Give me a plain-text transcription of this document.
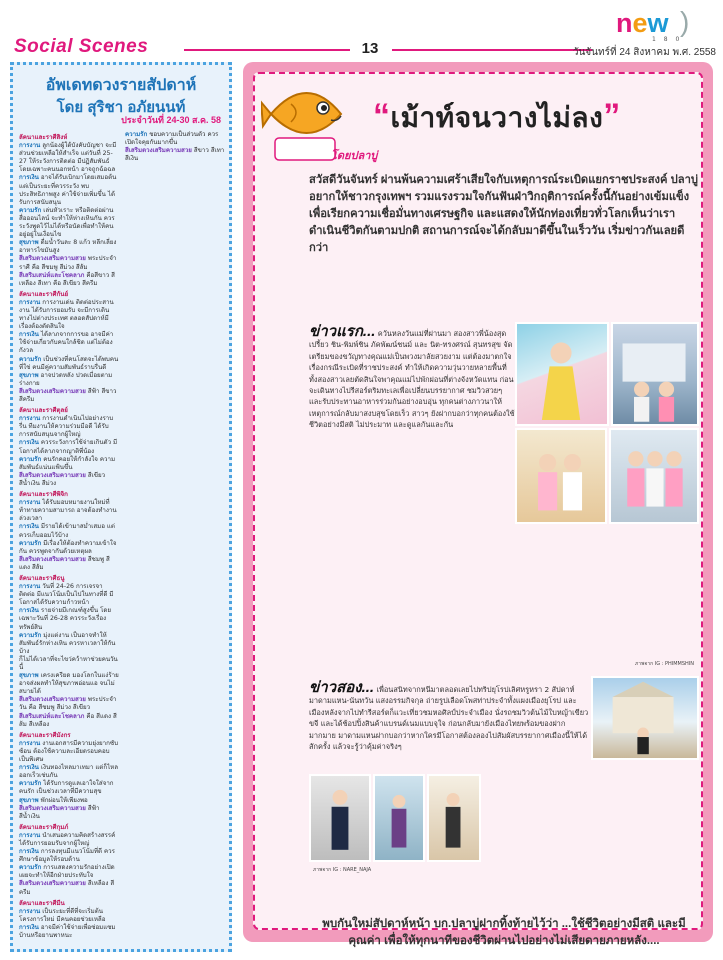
Social Scenes	13
new )
1 8 0
วันจันทร์ที่ 24 สิงหาคม พ.ศ. 2558
อัพเดทดวงรายสัปดาห์
โดย สุริชา อภัยนนท์
ประจำวันที่ 24-30 ส.ค. 58
ลัคนาและราศีสิงห์

การงาน ลูกน้องผู้ใต้บังคับบัญชา จะมีส่วนช่วยเหลือให้สำเร็จ แต่วันที่ 25-27 ให้ระวังการติดต่อ มีปฏิสัมพันธ์ โดยเฉพาะคนนอกหน้า อาจถูกฉ้อฉล

การเงิน อาจได้รับเบิกมาโดยเสมอต้น แต่เป็นระยะที่ควรระวัง พบประสิทธิภาพสูง ค่าใช้จ่ายเพิ่มขึ้น ได้รับการสนับสนุน

ความรัก เล่นหัวเราะ หรือติดต่อผ่านสื่อออนไลน์ จะทำให้ห่างเหินกัน ควรระวังพูดไว้ไม่ได้หรือนัดเพื่อทำให้คนอยู่อยู่ในเงื่อนไข

สุขภาพ ดื่มน้ำวันละ 8 แก้ว หลีกเลี่ยงอาหารไขมันสูง

สีเสริมดวงเสริมความสวย พระประจำราศี คือ สีชมพู สีม่วง สีส้ม

สีเสริมเสน่ห์และโชคลาภ คือสีขาว สีเหลือง สีเทา คือ สีเขียว สีครีม

ลัคนาและราศีกันย์

การงาน การงานเด่น ติดต่อประสานงาน ได้รับการยอมรับ จะมีการเดินทางไปต่างประเทศ ตลอดสัปดาห์มีเรื่องต้องตัดสินใจ

การเงิน ได้ลาภจากการขอ อาจมีค่าใช้จ่ายเกี่ยวกับคนใกล้ชิด แต่ไม่ต้องกังวล

ความรัก เป็นช่วงที่คนโสดจะได้พบคนที่ใช่ คนมีคู่ความสัมพันธ์ราบรื่นดี

สุขภาพ อาจปวดหลัง ปวดเมื่อยตามร่างกาย

สีเสริมดวงเสริมความสวย สีฟ้า สีขาว สีครีม

ลัคนาและราศีตุลย์

การงาน การงานดำเนินไปอย่างราบรื่น ทีมงานให้ความร่วมมือดี ได้รับการสนับสนุนจากผู้ใหญ่

การเงิน ควรระวังการใช้จ่ายเกินตัว มีโอกาสได้ลาภจากญาติพี่น้อง

ความรัก คนรักคอยให้กำลังใจ ความสัมพันธ์แน่นแฟ้นขึ้น

สีเสริมดวงเสริมความสวย สีเขียว สีน้ำเงิน สีม่วง

ลัคนาและราศีพิจิก

การงาน ได้รับมอบหมายงานใหม่ที่ท้าทายความสามารถ อาจต้องทำงานล่วงเวลา

การเงิน มีรายได้เข้ามาสม่ำเสมอ แต่ควรเก็บออมไว้บ้าง

ความรัก มีเรื่องให้ต้องทำความเข้าใจกัน ควรพูดจากันด้วยเหตุผล

สีเสริมดวงเสริมความสวย สีชมพู สีแดง สีส้ม

ลัคนาและราศีธนู

การงาน วันที่ 24-26 การเจรจา ติดต่อ มีแนวโน้มเป็นไปในทางที่ดี มีโอกาสได้รับความก้าวหน้า

การเงิน รายจ่ายมีเกณฑ์สูงขึ้น โดยเฉพาะวันที่ 26-28 ควรระวังเรื่องทรัพย์สิน

ความรัก มุ่งแต่งาน เป็นอาจทำให้สัมพันธ์รักห่างเหิน ควรหาเวลาให้กันบ้าง

ก็ไม่ได้เวลาที่จะไขว่คว้าหาช่วยคนวันนี้

สุขภาพ เครงเครียด มองโลกในแง่ร้าย อาจส่งผลทำให้สุขภาพอ่อนแอ จนไม่สบายได้

สีเสริมดวงเสริมความสวย พระประจำวัน คือ สีชมพู สีม่วง สีเขียว

สีเสริมเสน่ห์และโชคลาภ คือ สีแดง สีส้ม สีเหลือง

ลัคนาและราศีมังกร

การงาน งานเอกสารมีความยุ่งยากซับซ้อน ต้องใช้ความละเอียดรอบคอบเป็นพิเศษ

การเงิน เงินทองไหลมาเทมา แต่ก็ไหลออกเร็วเช่นกัน

ความรัก ได้รับการดูแลเอาใจใส่จากคนรัก เป็นช่วงเวลาที่มีความสุข

สุขภาพ พักผ่อนให้เพียงพอ

สีเสริมดวงเสริมความสวย สีฟ้า สีน้ำเงิน

ลัคนาและราศีกุมภ์

การงาน นำเสนอความคิดสร้างสรรค์ได้รับการยอมรับจากผู้ใหญ่

การเงิน การลงทุนมีแนวโน้มที่ดี ควรศึกษาข้อมูลให้รอบด้าน

ความรัก การแสดงความรักอย่างเปิดเผยจะทำให้อีกฝ่ายประทับใจ

สีเสริมดวงเสริมความสวย สีเหลือง สีครีม

ลัคนาและราศีมีน

การงาน เป็นระยะที่ดีที่จะเริ่มต้นโครงการใหม่ มีคนคอยช่วยเหลือ

การเงิน อาจมีค่าใช้จ่ายเพื่อซ่อมแซมบ้านหรือยานพาหนะ

ความรัก ชอบความเป็นส่วนตัว ควรเปิดใจคุยกันมากขึ้น

สีเสริมดวงเสริมความสวย สีขาว สีเทา สีเงิน

“เม้าท์จนวางไม่ลง”
โดยปลาบู่
สวัสดีวันจันทร์ ผ่านพ้นความเศร้าเสียใจกับเหตุการณ์ระเบิดแยกราชประสงค์ ปลาบู่อยากให้ชาวกรุงเทพฯ รวมแรงรวมใจกันฟันฝ่าวิกฤติการณ์ครั้งนี้กันอย่างเข้มแข็ง เพื่อเรียกความเชื่อมั่นทางเศรษฐกิจ และแสดงให้นักท่องเที่ยวทั่วโลกเห็นว่าเราดำเนินชีวิตกันตามปกติ สถานการณ์จะได้กลับมาดีขึ้นในเร็ววัน เริ่มข่าวกันเลยดีกว่า
ข่าวแรก... ควันหลงวันแม่ที่ผ่านมา สองสาวพี่น้องสุดเปรี้ยว ชิน-พิมพ์ชิน ภัคพัฒน์ชนม์ และ นิต-ทรงศรณ์ สุนทรสุข จัดเตรียมของขวัญทางคุณแม่เป็นพวงมาลัยสวยงาม แต่ต้องมาตกใจเรื่องกรณีระเบิดที่ราชประสงค์ ทำให้เกิดความวุ่นวายหลายพื้นที่ ทั้งสองสาวเลยตัดสินใจพาคุณแม่ไปพักผ่อนที่ต่างจังหวัดแทน ก่อนจะเดินทางไปรีสอร์ตริมทะเลเพื่อเปลี่ยนบรรยากาศ ชมวิวสวยๆ และรับประทานอาหารร่วมกันอย่างอบอุ่น ทุกคนต่างภาวนาให้เหตุการณ์กลับมาสงบสุขโดยเร็ว สาวๆ ยังฝากบอกว่าทุกคนต้องใช้ชีวิตอย่างมีสติ ไม่ประมาท และดูแลกันและกัน
ภาพจาก IG : PHIMMSHIN
ข่าวสอง... เพื่อนสนิทจากหนีมาตลอดเลยไปทริปยุโรปเลิศหรูหรา 2 สัปดาห์ มาดามแหน-นันทวัน แสงอรรมกิจกุล ถ่ายรูปเลือดโพสท่าประจำทั้งแผงเมืองยุโรป และเมืองหลังจากไปทำรีสอร์ตก็แวะเที่ยวชมหอศิลป์ประจำเมือง นั่งรถชมวิวต้นไม้ใบหญ้าเขียวขจี และได้ช้อปปิ้งสินค้าแบรนด์เนมแบบจุใจ ก่อนกลับมายังเมืองไทยพร้อมของฝากมากมาย มาดามแหนฝากบอกว่าหากใครมีโอกาสต้องลองไปสัมผัสบรรยากาศเมืองนี้ให้ได้สักครั้ง แล้วจะรู้ว่าคุ้มค่าจริงๆ
ภาพจาก IG : NARE_NAJA
พบกันใหม่สัปดาห์หน้า บก.ปลาบู่ฝากทิ้งท้ายไว้ว่า ...ใช้ชีวิตอย่างมีสติ และมีคุณค่า เพื่อให้ทุกนาทีของชีวิตผ่านไปอย่างไม่เสียดายภายหลัง....
